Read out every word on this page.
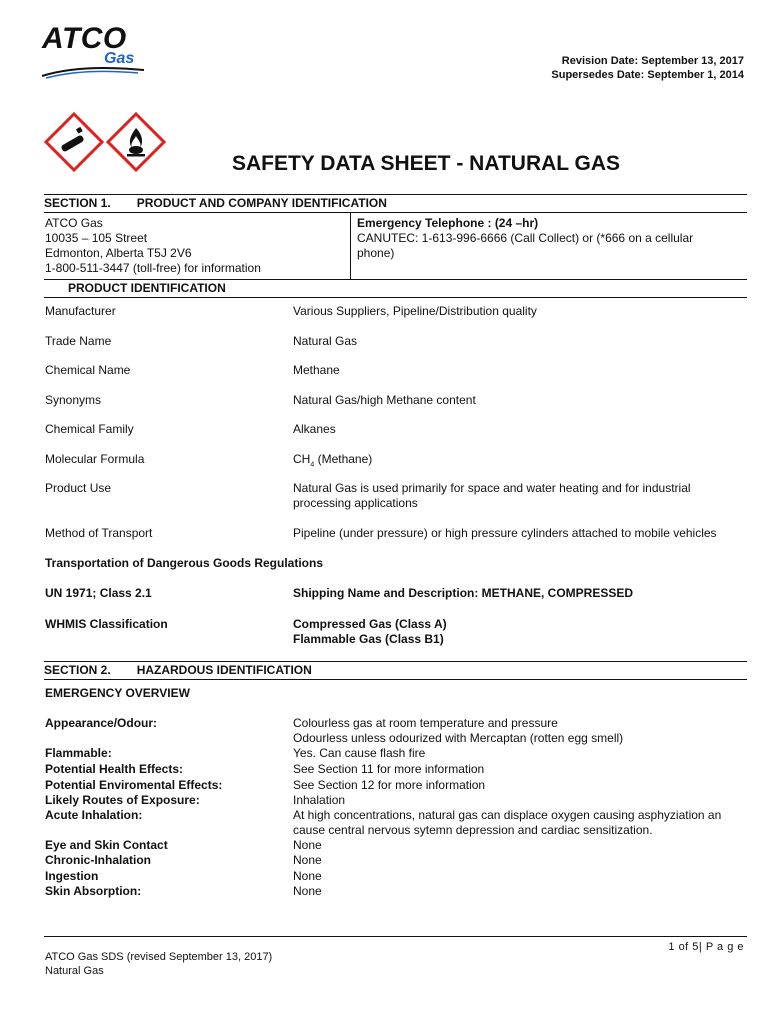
ATCO
Gas	Revision Date: September 13, 2017
Supersedes Date: September 1, 2014
SAFETY DATA SHEET - NATURAL GAS
SECTION 1. PRODUCT AND COMPANY IDENTIFICATION
ATCO Gas
10035 – 105 Street
Edmonton, Alberta T5J 2V6
1-800-511-3447 (toll-free) for information
Emergency Telephone : (24 –hr)
CANUTEC: 1-613-996-6666 (Call Collect) or (*666 on a cellular
phone)
PRODUCT IDENTIFICATION
Manufacturer	Various Suppliers, Pipeline/Distribution quality
Trade Name	Natural Gas
Chemical Name	Methane
Synonyms	Natural Gas/high Methane content
Chemical Family	Alkanes
Molecular Formula	$CH_4$ (Methane)
Product Use	Natural Gas is used primarily for space and water heating and for industrial
processing applications
Method of Transport	Pipeline (under pressure) or high pressure cylinders attached to mobile vehicles
Transportation of Dangerous Goods Regulations
UN 1971; Class 2.1	Shipping Name and Description: METHANE, COMPRESSED
WHMIS Classification	Compressed Gas (Class A)
Flammable Gas (Class B1)
SECTION 2. HAZARDOUS IDENTIFICATION
EMERGENCY OVERVIEW
Appearance/Odour:	Colourless gas at room temperature and pressure
Odourless unless odourized with Mercaptan (rotten egg smell)
Flammable:	Yes. Can cause flash fire
Potential Health Effects:	See Section 11 for more information
Potential Enviromental Effects:	See Section 12 for more information
Likely Routes of Exposure:	Inhalation
Acute Inhalation:	At high concentrations, natural gas can displace oxygen causing asphyziation an
cause central nervous sytemn depression and cardiac sensitization.
Eye and Skin Contact	None
Chronic-Inhalation	None
Ingestion	None
Skin Absorption:	None
1 of 5| P a g e
ATCO Gas SDS (revised September 13, 2017)
Natural Gas
